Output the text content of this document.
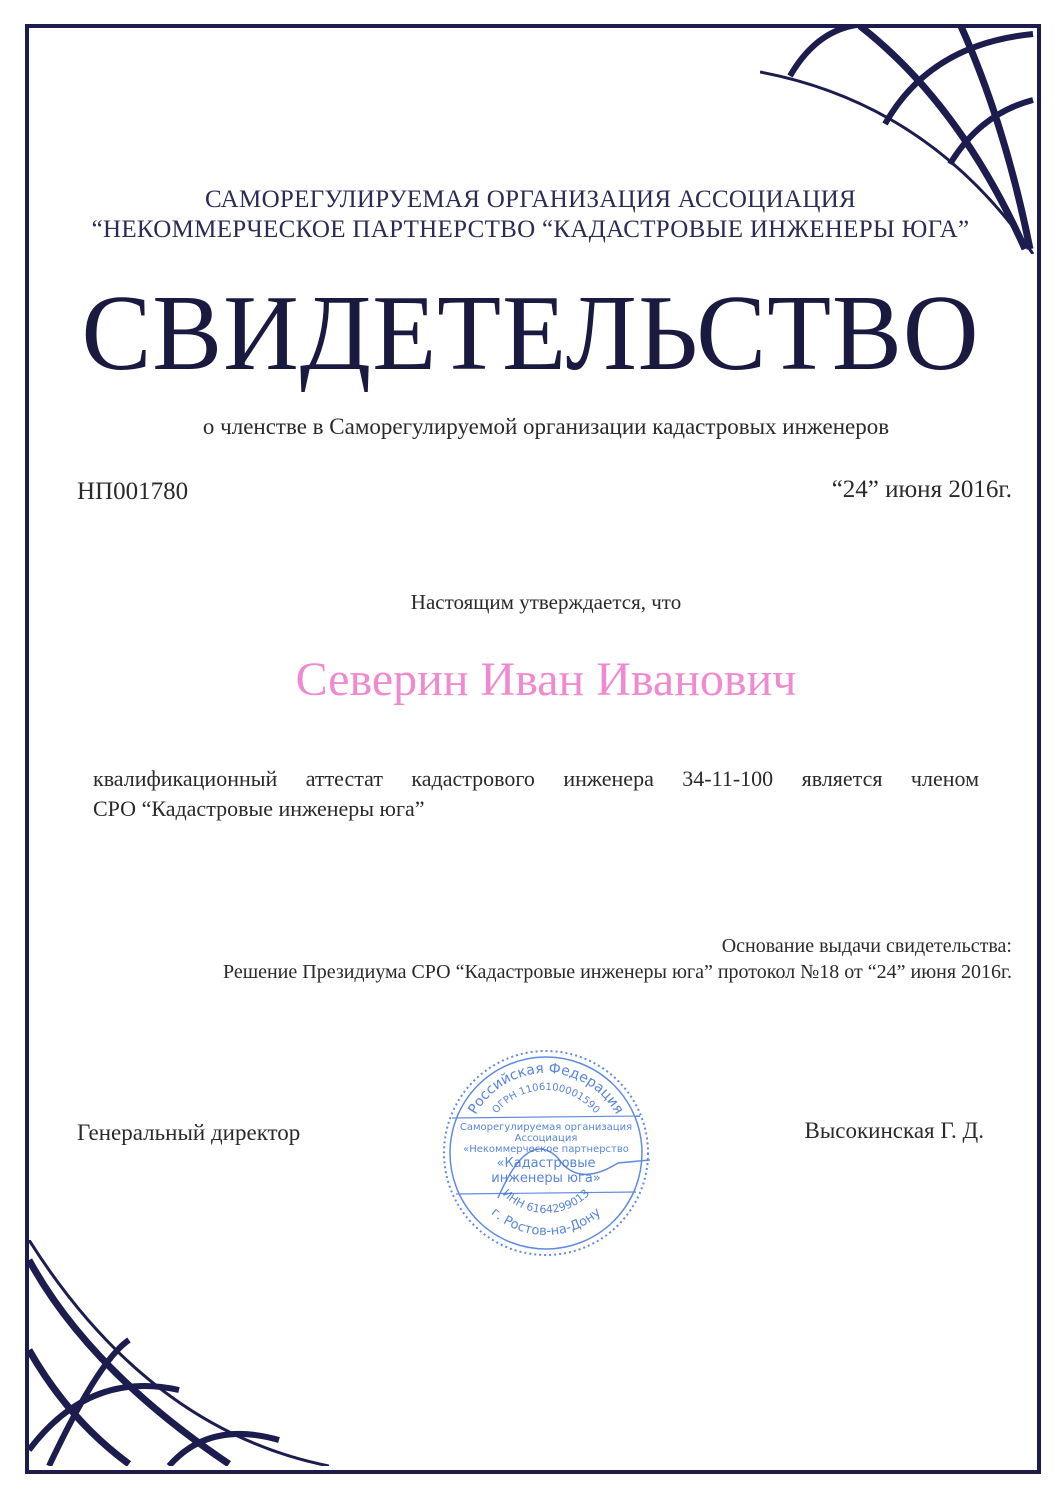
САМОРЕГУЛИРУЕМАЯ ОРГАНИЗАЦИЯ АССОЦИАЦИЯ
“НЕКОММЕРЧЕСКОЕ ПАРТНЕРСТВО “КАДАСТРОВЫЕ ИНЖЕНЕРЫ ЮГА”
СВИДЕТЕЛЬСТВО
о членстве в Саморегулируемой организации кадастровых инженеров
НП001780	“24” июня 2016г.
Настоящим утверждается, что
Северин Иван Иванович
квалификационный аттестат кадастрового инженера 34-11-100 является членом
СРО “Кадастровые инженеры юга”
Основание выдачи свидетельства:
Решение Президиума СРО “Кадастровые инженеры юга” протокол №18 от “24” июня 2016г.
Генеральный директор	Высокинская Г. Д.
Российская Федерация
ОГРН 1106100001590
Саморегулируемая организация
Ассоциация
«Некоммерческое партнерство
«Кадастровые
инженеры юга»
ИНН 6164299013
г. Ростов-на-Дону
